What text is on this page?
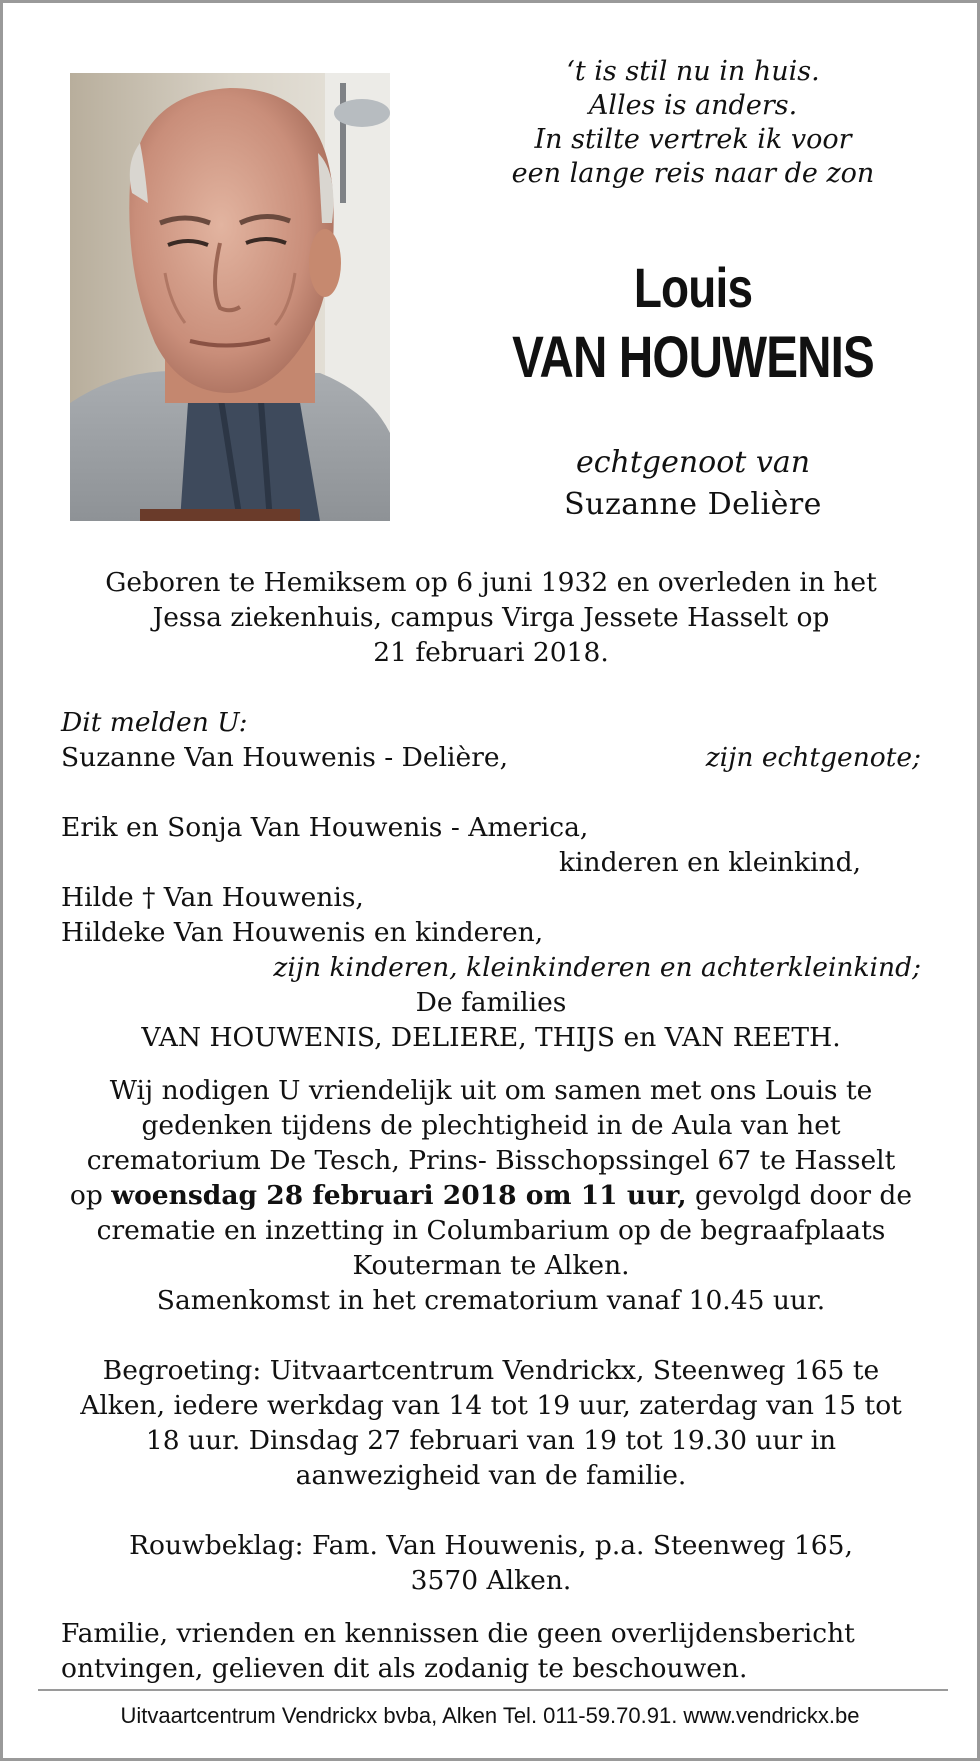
‘t is stil nu in huis.
Alles is anders.
In stilte vertrek ik voor
een lange reis naar de zon
Louis
VAN HOUWENIS
echtgenoot van
Suzanne Delière
Geboren te Hemiksem op 6 juni 1932 en overleden in het
Jessa ziekenhuis, campus Virga Jessete Hasselt op
21 februari 2018.
Dit melden U:
Suzanne Van Houwenis - Delière,	zijn echtgenote;
Erik en Sonja Van Houwenis - America,
kinderen en kleinkind,
Hilde † Van Houwenis,
Hildeke Van Houwenis en kinderen,
zijn kinderen, kleinkinderen en achterkleinkind;
De families
VAN HOUWENIS, DELIERE, THIJS en VAN REETH.
Wij nodigen U vriendelijk uit om samen met ons Louis te
gedenken tijdens de plechtigheid in de Aula van het
crematorium De Tesch, Prins- Bisschopssingel 67 te Hasselt
op woensdag 28 februari 2018 om 11 uur, gevolgd door de
crematie en inzetting in Columbarium op de begraafplaats
Kouterman te Alken.
Samenkomst in het crematorium vanaf 10.45 uur.
Begroeting: Uitvaartcentrum Vendrickx, Steenweg 165 te
Alken, iedere werkdag van 14 tot 19 uur, zaterdag van 15 tot
18 uur. Dinsdag 27 februari van 19 tot 19.30 uur in
aanwezigheid van de familie.
Rouwbeklag: Fam. Van Houwenis, p.a. Steenweg 165,
3570 Alken.
Familie, vrienden en kennissen die geen overlijdensbericht
ontvingen, gelieven dit als zodanig te beschouwen.
Uitvaartcentrum Vendrickx bvba, Alken Tel. 011-59.70.91. www.vendrickx.be
